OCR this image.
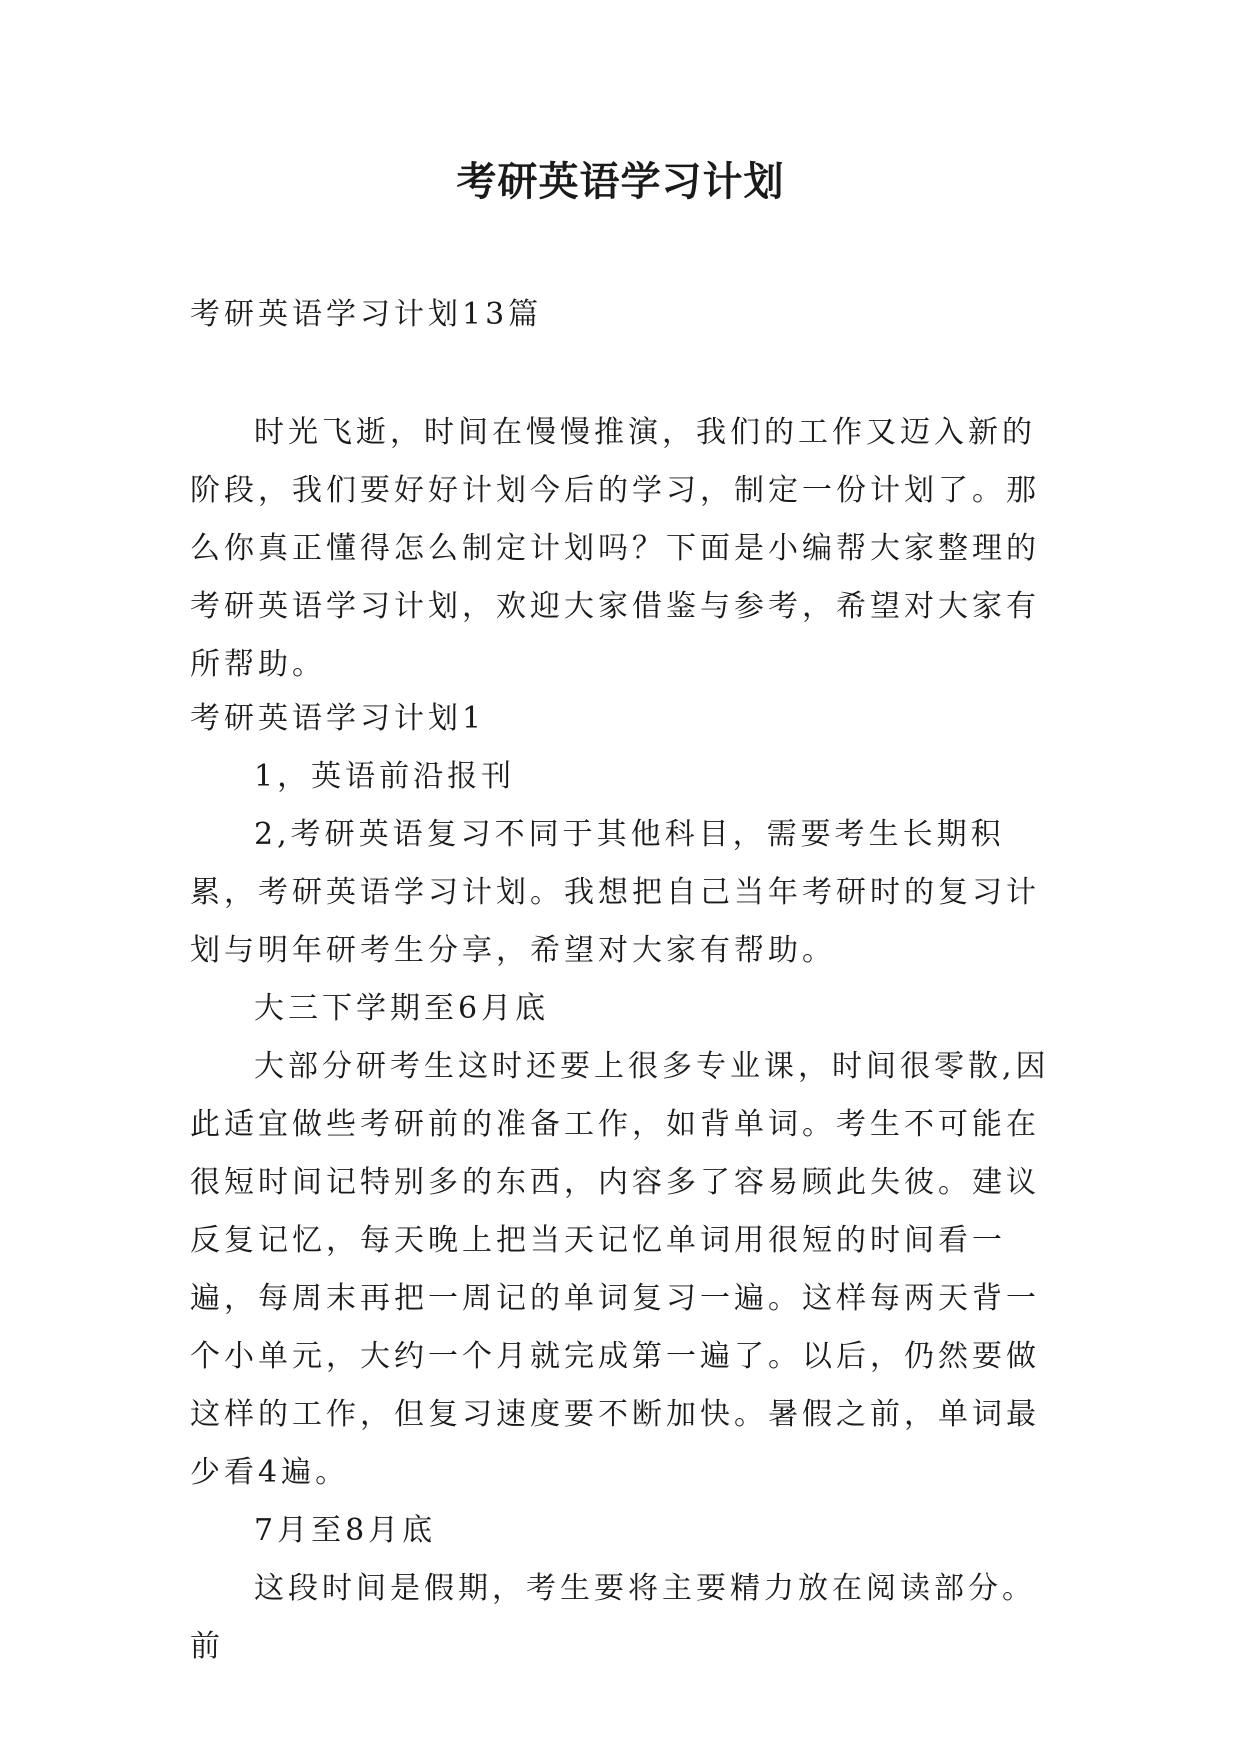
考研英语学习计划
考研英语学习计划13篇

时光飞逝，时间在慢慢推演，我们的工作又迈入新的阶段，我们要好好计划今后的学习，制定一份计划了。那么你真正懂得怎么制定计划吗？下面是小编帮大家整理的考研英语学习计划，欢迎大家借鉴与参考，希望对大家有所帮助。

考研英语学习计划1

1，英语前沿报刊

2,考研英语复习不同于其他科目，需要考生长期积累，考研英语学习计划。我想把自己当年考研时的复习计划与明年研考生分享，希望对大家有帮助。

大三下学期至6月底

大部分研考生这时还要上很多专业课，时间很零散,因此适宜做些考研前的准备工作，如背单词。考生不可能在很短时间记特别多的东西，内容多了容易顾此失彼。建议反复记忆，每天晚上把当天记忆单词用很短的时间看一遍，每周末再把一周记的单词复习一遍。这样每两天背一个小单元，大约一个月就完成第一遍了。以后，仍然要做这样的工作，但复习速度要不断加快。暑假之前，单词最少看4遍。

7月至8月底

这段时间是假期，考生要将主要精力放在阅读部分。前
